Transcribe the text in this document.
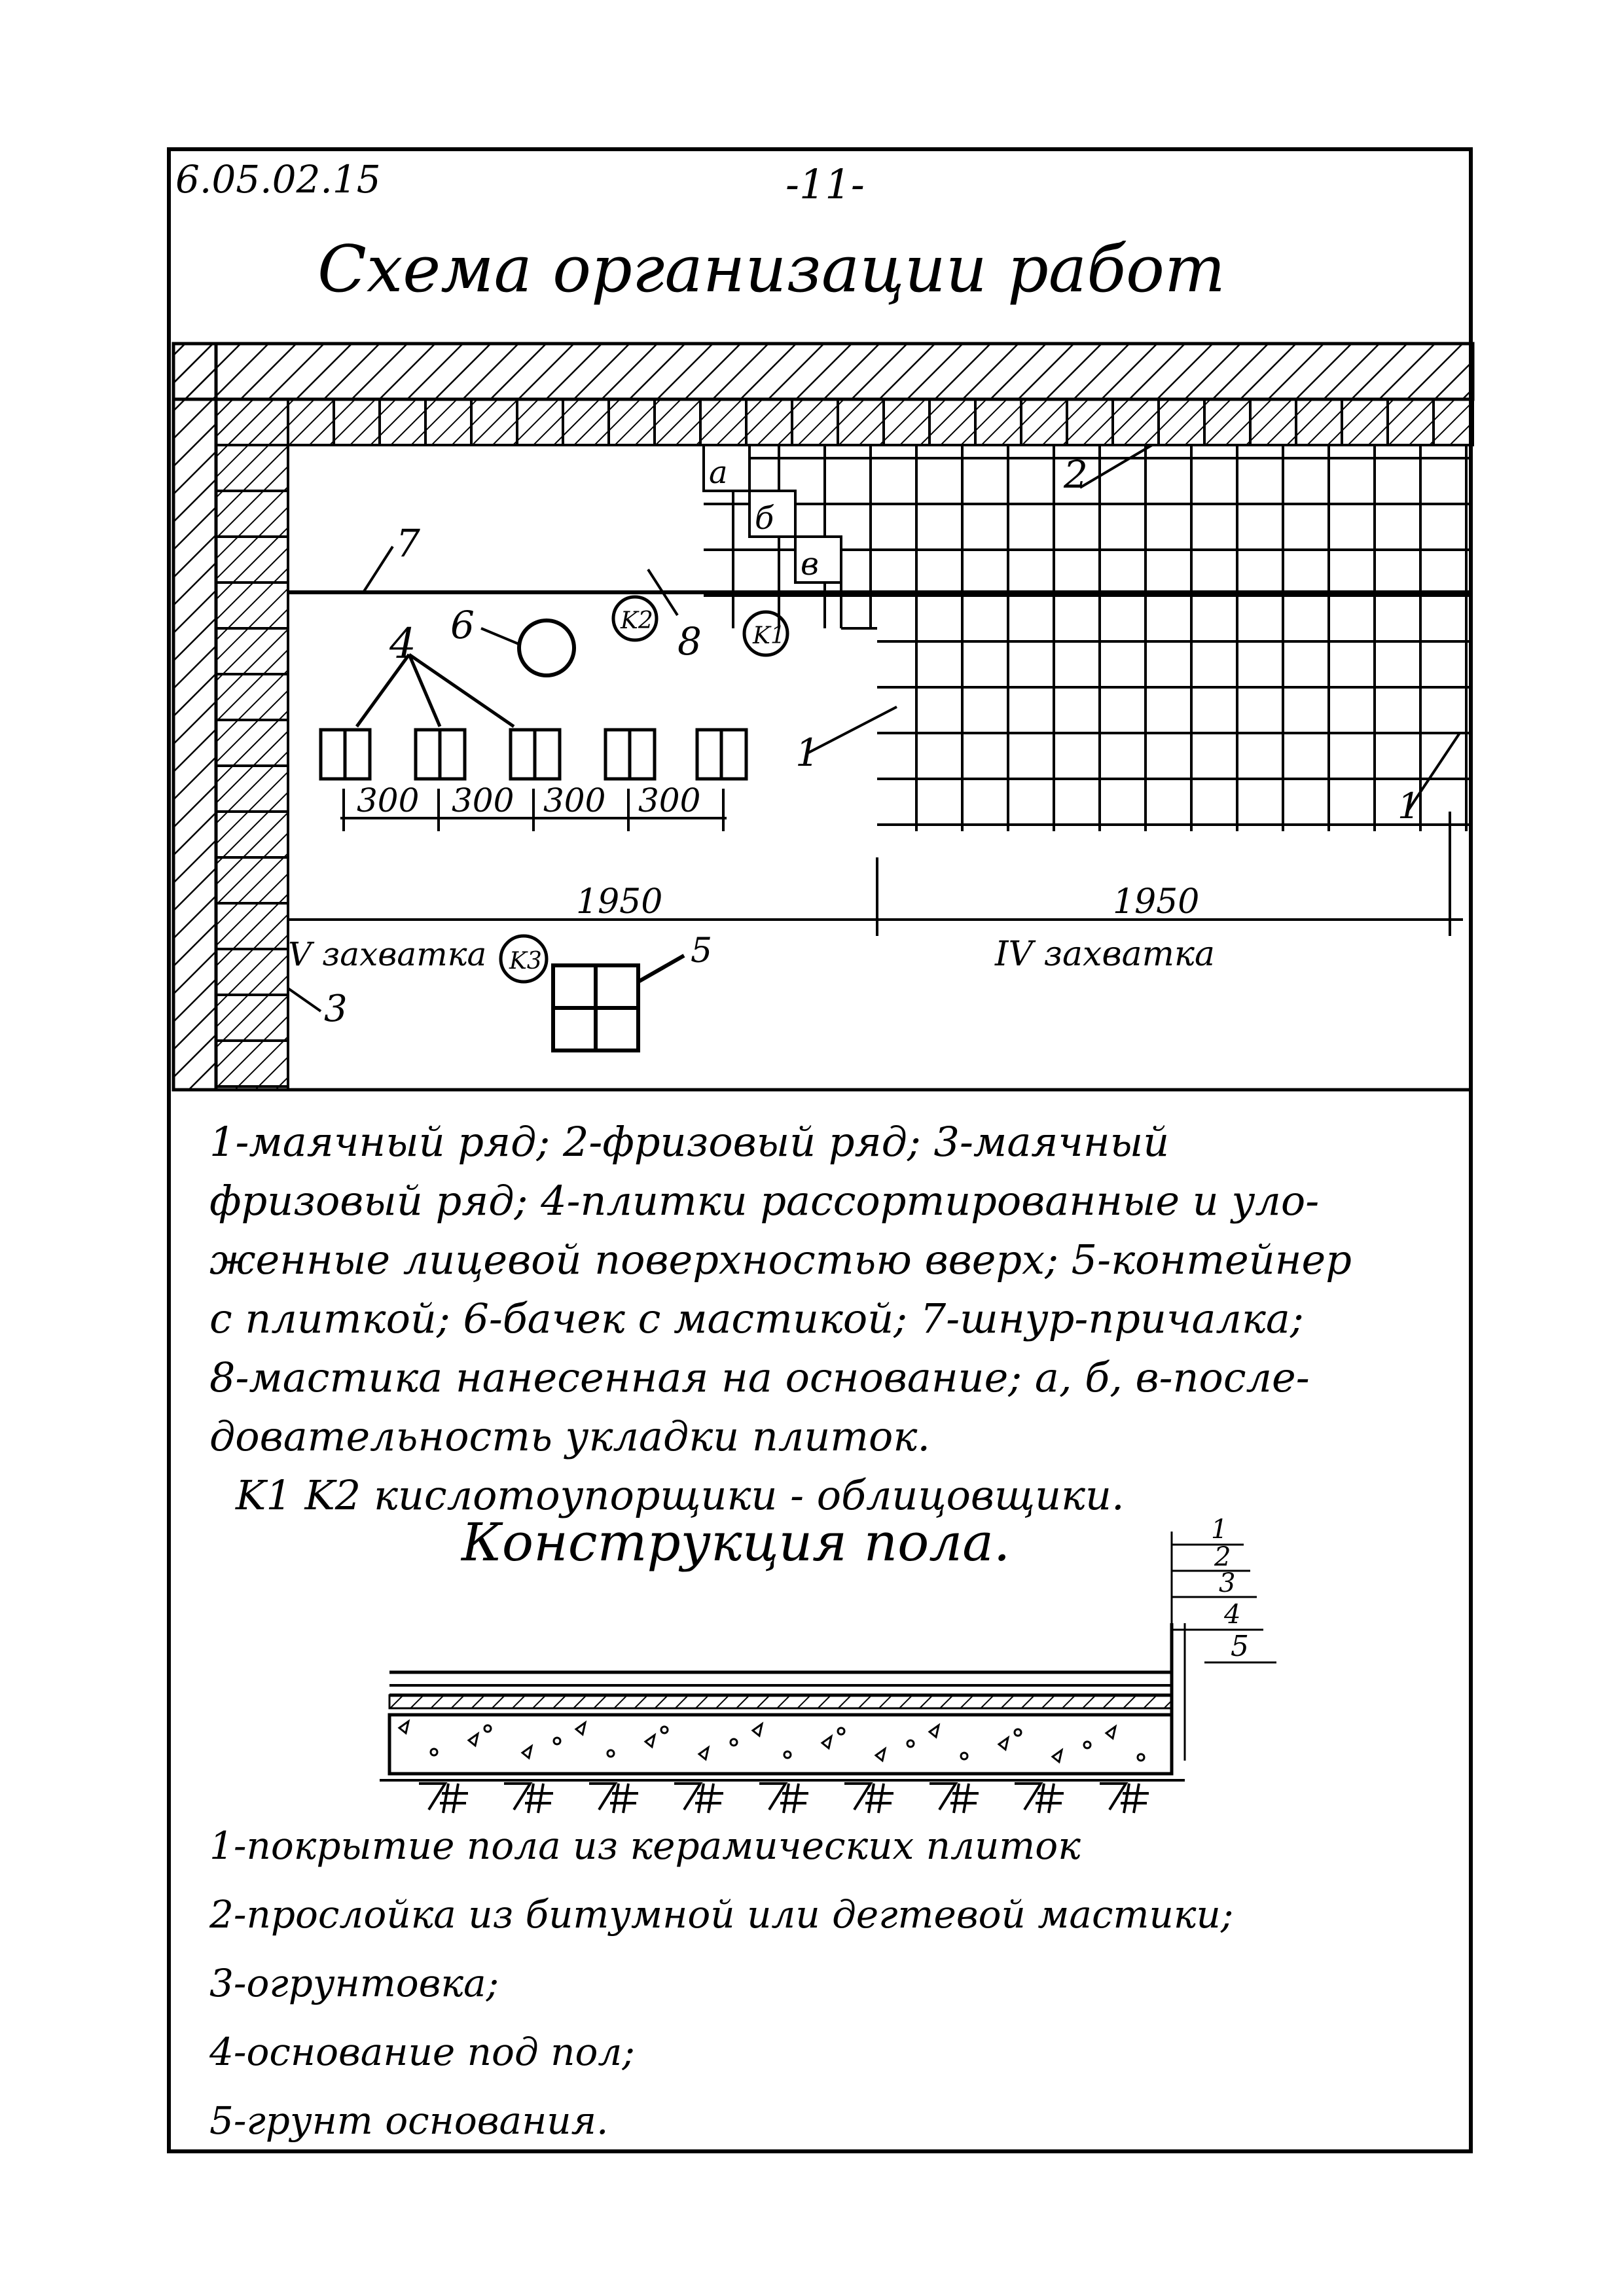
6.05.02.15	-11-
Схема организации работ
a
б
в
7
2
6	8
K2
K1
4
1
1
300 300 300 300
1950	1950
V захватка K3	IV захватка
5
3
1
2
3
4
5
1-маячный ряд; 2-фризовый ряд; 3-маячный
фризовый ряд; 4-плитки рассортированные и уло-
женные лицевой поверхностью вверх; 5-контейнер
с плиткой; 6-бачек с мастикой; 7-шнур-причалка;
8-мастика нанесенная на основание; а, б, в-после-
довательность укладки плиток.
K1 K2 кислотоупорщики - облицовщики.
Конструкция пола.
1-покрытие пола из керамических плиток
2-прослойка из битумной или дегтевой мастики;
3-огрунтовка;
4-основание под пол;
5-грунт основания.
